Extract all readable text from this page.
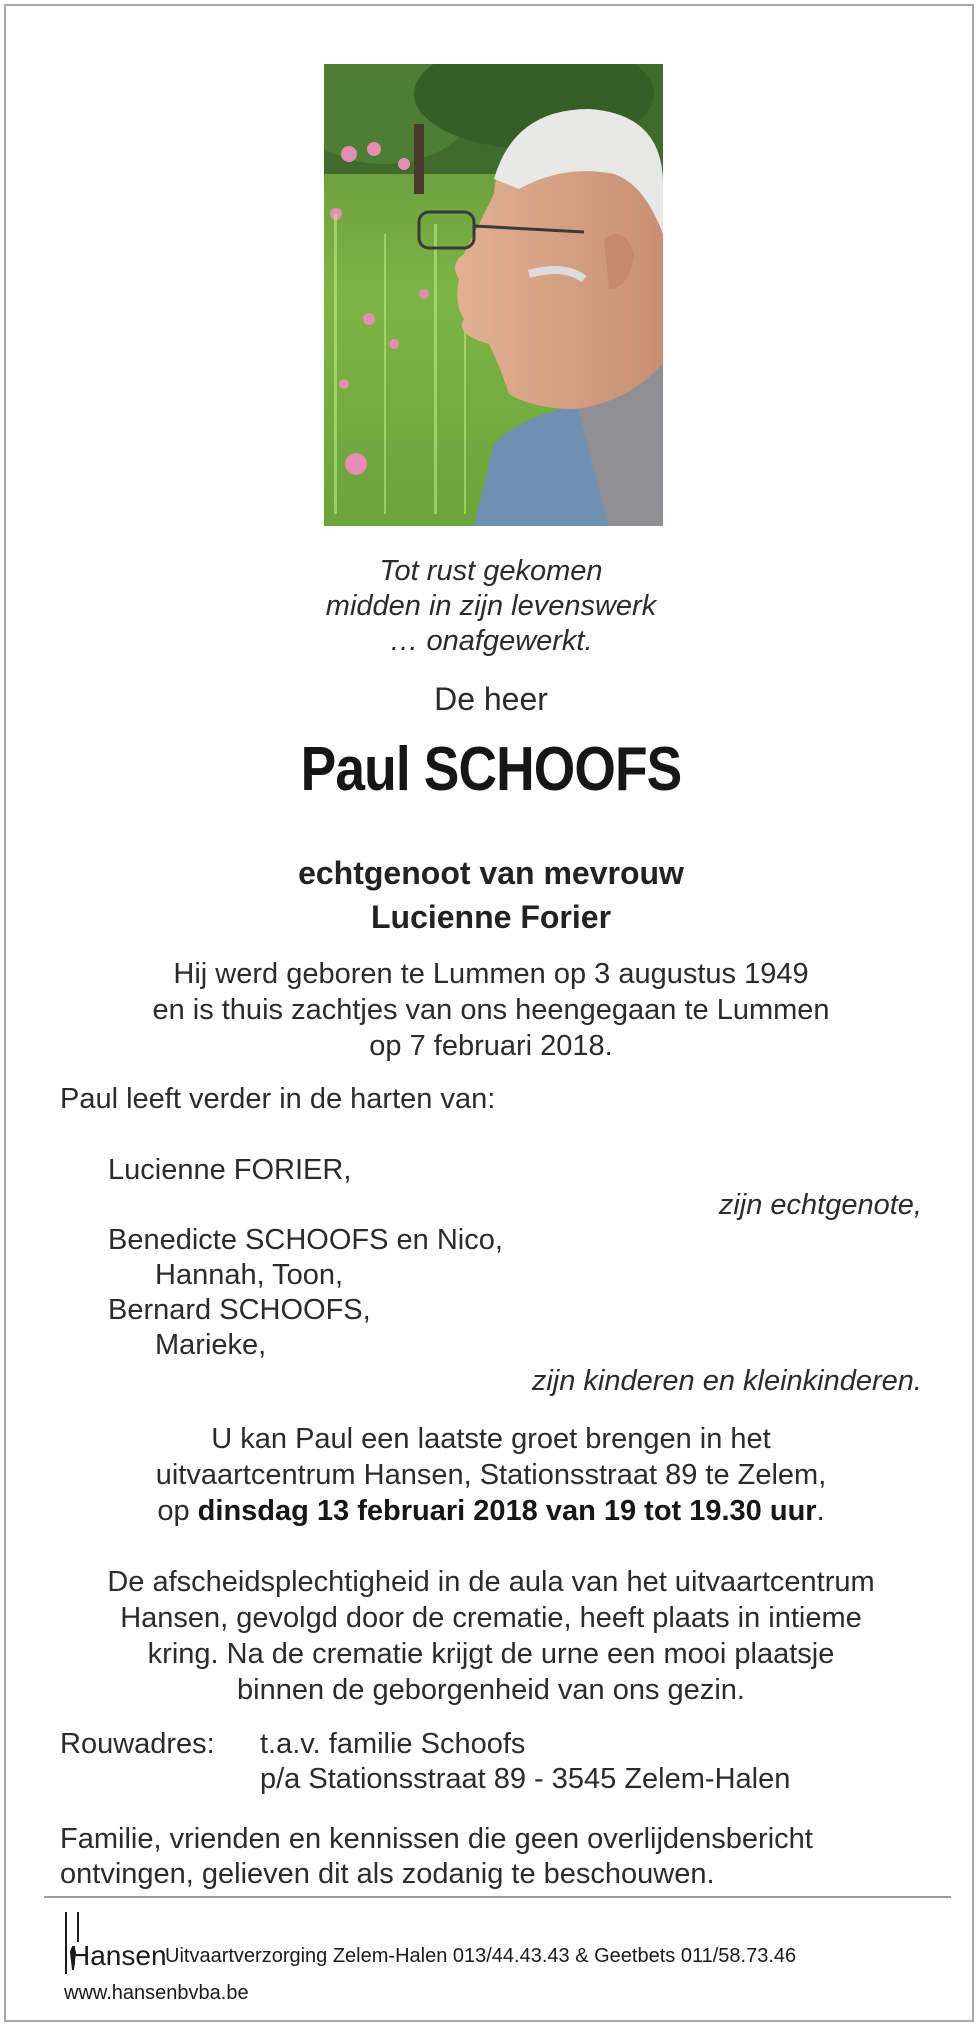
Tot rust gekomen
midden in zijn levenswerk
… onafgewerkt.
De heer
Paul SCHOOFS
echtgenoot van mevrouw
Lucienne Forier
Hij werd geboren te Lummen op 3 augustus 1949
en is thuis zachtjes van ons heengegaan te Lummen
op 7 februari 2018.
Paul leeft verder in de harten van:
Lucienne FORIER,
zijn echtgenote,
Benedicte SCHOOFS en Nico,
Hannah, Toon,
Bernard SCHOOFS,
Marieke,
zijn kinderen en kleinkinderen.
U kan Paul een laatste groet brengen in het
uitvaartcentrum Hansen, Stationsstraat 89 te Zelem,
op dinsdag 13 februari 2018 van 19 tot 19.30 uur.
De afscheidsplechtigheid in de aula van het uitvaartcentrum
Hansen, gevolgd door de crematie, heeft plaats in intieme
kring. Na de crematie krijgt de urne een mooi plaatsje
binnen de geborgenheid van ons gezin.
Rouwadres: t.a.v. familie Schoofs
p/a Stationsstraat 89 - 3545 Zelem-Halen
Familie, vrienden en kennissen die geen overlijdensbericht
ontvingen, gelieven dit als zodanig te beschouwen.
Hansen
Uitvaartverzorging Zelem-Halen 013/44.43.43 & Geetbets 011/58.73.46
www.hansenbvba.be
